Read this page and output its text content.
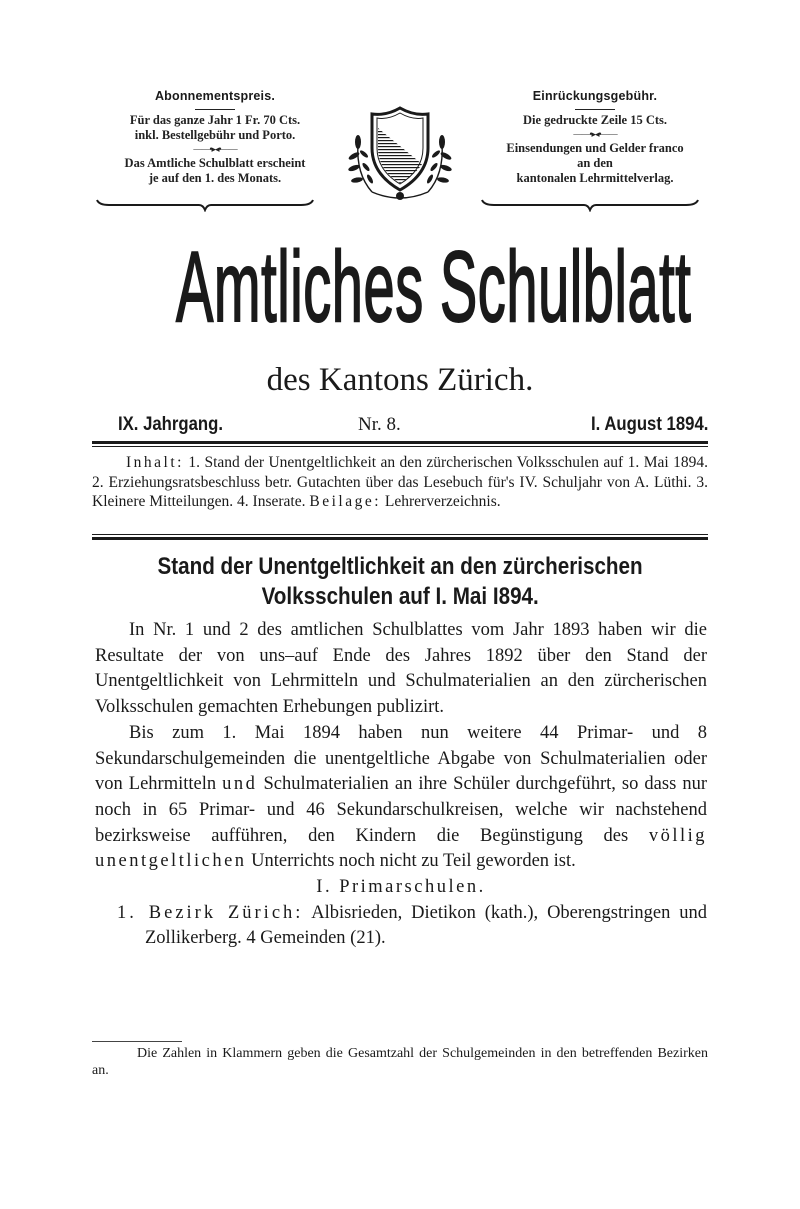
Abonnementspreis.
Für das ganze Jahr 1 Fr. 70 Cts.
inkl. Bestellgebühr und Porto.
——•▸◂•——
Das Amtliche Schulblatt erscheint
je auf den 1. des Monats.
Einrückungsgebühr.
Die gedruckte Zeile 15 Cts.
——•▸◂•——
Einsendungen und Gelder franco
an den
kantonalen Lehrmittelverlag.
Amtliches Schulblatt
des Kantons Zürich.
IX. Jahrgang.	Nr. 8.	I. August 1894.
Inhalt: 1. Stand der Unentgeltlichkeit an den zürcherischen Volksschulen auf 1. Mai 1894. 2. Erziehungsratsbeschluss betr. Gutachten über das Lesebuch für's IV. Schuljahr von A. Lüthi. 3. Kleinere Mitteilungen. 4. Inserate. Beilage: Lehrerverzeichnis.
Stand der Unentgeltlichkeit an den zürcherischen
Volksschulen auf I. Mai I894.

In Nr. 1 und 2 des amtlichen Schulblattes vom Jahr 1893 haben wir die Resultate der von uns–auf Ende des Jahres 1892 über den Stand der Unentgeltlichkeit von Lehrmitteln und Schulmaterialien an den zürcherischen Volksschulen gemachten Erhebungen publizirt.

Bis zum 1. Mai 1894 haben nun weitere 44 Primar- und 8 Sekundarschulgemeinden die unentgeltliche Abgabe von Schulmaterialien oder von Lehrmitteln und Schulmaterialien an ihre Schüler durchgeführt, so dass nur noch in 65 Primar- und 46 Sekundarschulkreisen, welche wir nachstehend bezirksweise aufführen, den Kindern die Begünstigung des völlig unentgeltlichen Unterrichts noch nicht zu Teil geworden ist.

I. Primarschulen.

1. Bezirk Zürich: Albisrieden, Dietikon (kath.), Oberengstringen und Zollikerberg. 4 Gemeinden (21).

Die Zahlen in Klammern geben die Gesamtzahl der Schulgemeinden in den betreffenden Bezirken an.
